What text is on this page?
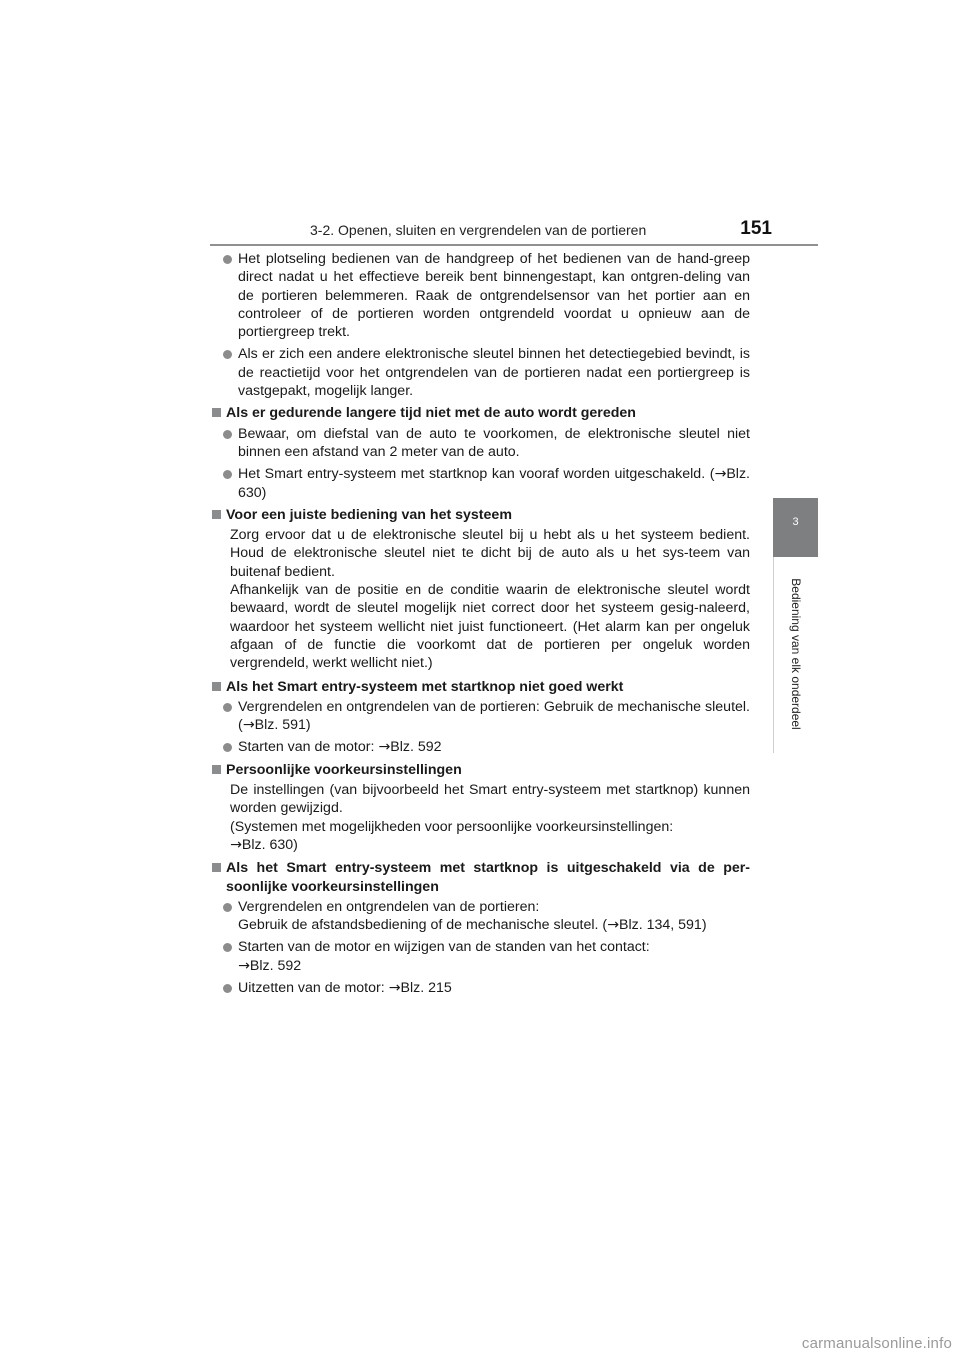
3-2. Openen, sluiten en vergrendelen van de portieren	151
3
Bediening van elk onderdeel
Het plotseling bedienen van de handgreep of het bedienen van de hand-greep direct nadat u het effectieve bereik bent binnengestapt, kan ontgren-deling van de portieren belemmeren. Raak de ontgrendelsensor van het portier aan en controleer of de portieren worden ontgrendeld voordat u opnieuw aan de portiergreep trekt.
Als er zich een andere elektronische sleutel binnen het detectiegebied bevindt, is de reactietijd voor het ontgrendelen van de portieren nadat een portiergreep is vastgepakt, mogelijk langer.
Als er gedurende langere tijd niet met de auto wordt gereden
Bewaar, om diefstal van de auto te voorkomen, de elektronische sleutel niet binnen een afstand van 2 meter van de auto.
Het Smart entry-systeem met startknop kan vooraf worden uitgeschakeld. (→Blz. 630)
Voor een juiste bediening van het systeem
Zorg ervoor dat u de elektronische sleutel bij u hebt als u het systeem bedient. Houd de elektronische sleutel niet te dicht bij de auto als u het sys-teem van buitenaf bedient.
Afhankelijk van de positie en de conditie waarin de elektronische sleutel wordt bewaard, wordt de sleutel mogelijk niet correct door het systeem gesig-naleerd, waardoor het systeem wellicht niet juist functioneert. (Het alarm kan per ongeluk afgaan of de functie die voorkomt dat de portieren per ongeluk worden vergrendeld, werkt wellicht niet.)
Als het Smart entry-systeem met startknop niet goed werkt
Vergrendelen en ontgrendelen van de portieren: Gebruik de mechanische sleutel. (→Blz. 591)
Starten van de motor: →Blz. 592
Persoonlijke voorkeursinstellingen
De instellingen (van bijvoorbeeld het Smart entry-systeem met startknop) kunnen worden gewijzigd.
(Systemen met mogelijkheden voor persoonlijke voorkeursinstellingen:
→Blz. 630)
Als het Smart entry-systeem met startknop is uitgeschakeld via de per-soonlijke voorkeursinstellingen
Vergrendelen en ontgrendelen van de portieren:
Gebruik de afstandsbediening of de mechanische sleutel. (→Blz. 134, 591)
Starten van de motor en wijzigen van de standen van het contact:
→Blz. 592
Uitzetten van de motor: →Blz. 215
carmanualsonline.info
